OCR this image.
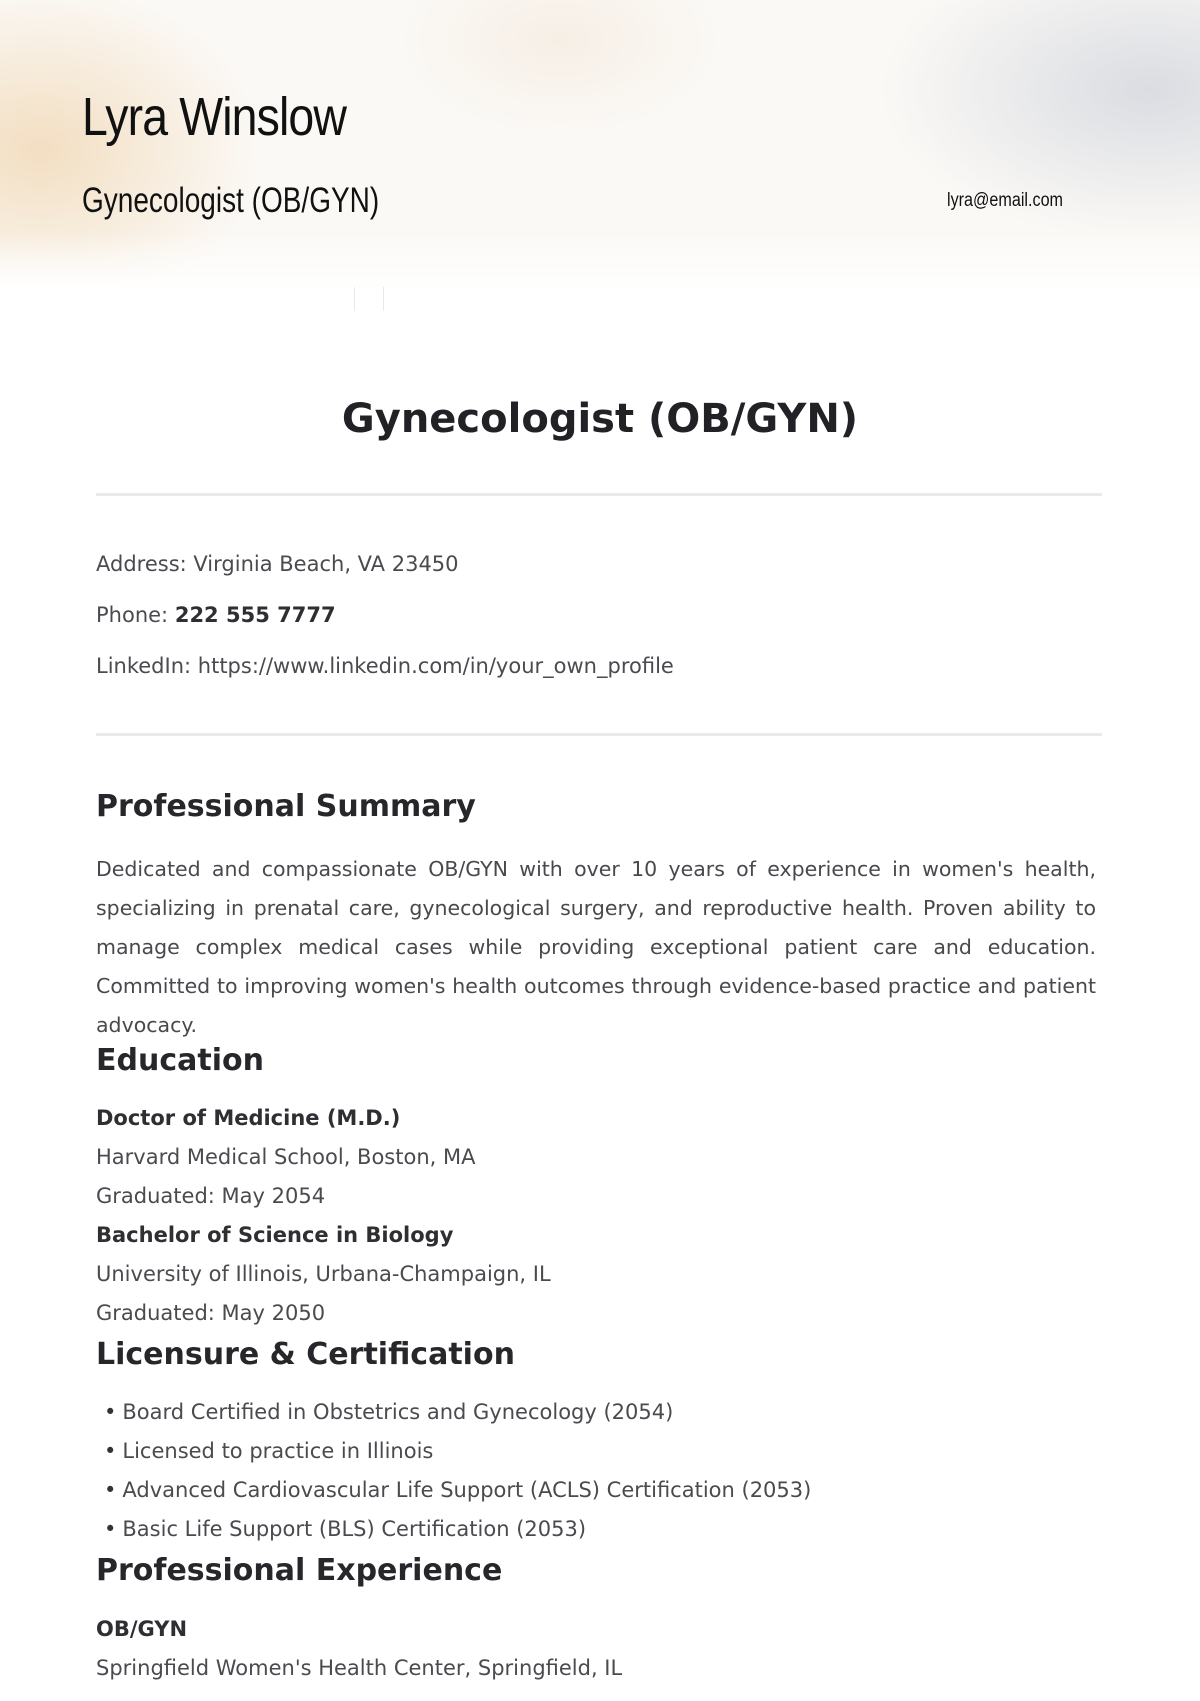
Lyra Winslow
Gynecologist (OB/GYN)	lyra@email.com
Gynecologist (OB/GYN)
Address: Virginia Beach, VA 23450
Phone: 222 555 7777
LinkedIn: https://www.linkedin.com/in/your_own_profile
Professional Summary

Dedicated and compassionate OB/GYN with over 10 years of experience in women's health, specializing in prenatal care, gynecological surgery, and reproductive health. Proven ability to manage complex medical cases while providing exceptional patient care and education. Committed to improving women's health outcomes through evidence-based practice and patient advocacy.

Education
Doctor of Medicine (M.D.)
Harvard Medical School, Boston, MA
Graduated: May 2054
Bachelor of Science in Biology
University of Illinois, Urbana-Champaign, IL
Graduated: May 2050
Licensure & Certification
• Board Certified in Obstetrics and Gynecology (2054)
• Licensed to practice in Illinois
• Advanced Cardiovascular Life Support (ACLS) Certification (2053)
• Basic Life Support (BLS) Certification (2053)
Professional Experience
OB/GYN
Springfield Women's Health Center, Springfield, IL
